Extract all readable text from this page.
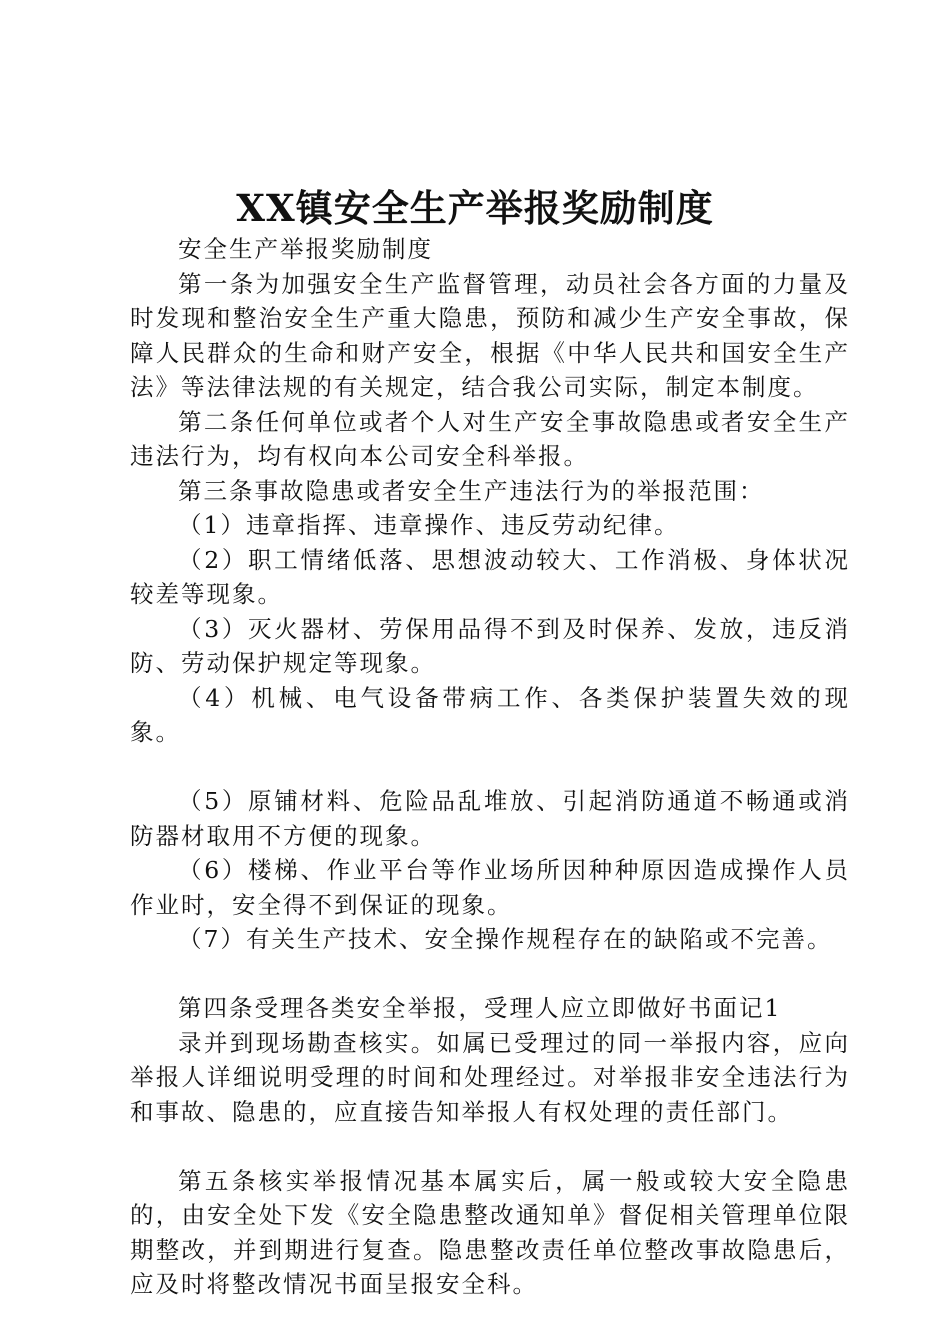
XX镇安全生产举报奖励制度

安全生产举报奖励制度

第一条为加强安全生产监督管理，动员社会各方面的力量及时发现和整治安全生产重大隐患，预防和减少生产安全事故，保障人民群众的生命和财产安全，根据《中华人民共和国安全生产法》等法律法规的有关规定，结合我公司实际，制定本制度。

第二条任何单位或者个人对生产安全事故隐患或者安全生产违法行为，均有权向本公司安全科举报。

第三条事故隐患或者安全生产违法行为的举报范围：

（1）违章指挥、违章操作、违反劳动纪律。

（2）职工情绪低落、思想波动较大、工作消极、身体状况较差等现象。

（3）灭火器材、劳保用品得不到及时保养、发放，违反消防、劳动保护规定等现象。

（4）机械、电气设备带病工作、各类保护装置失效的现象。

（5）原铺材料、危险品乱堆放、引起消防通道不畅通或消防器材取用不方便的现象。

（6）楼梯、作业平台等作业场所因种种原因造成操作人员作业时，安全得不到保证的现象。

（7）有关生产技术、安全操作规程存在的缺陷或不完善。

第四条受理各类安全举报，受理人应立即做好书面记1

录并到现场勘查核实。如属已受理过的同一举报内容，应向举报人详细说明受理的时间和处理经过。对举报非安全违法行为和事故、隐患的，应直接告知举报人有权处理的责任部门。

第五条核实举报情况基本属实后，属一般或较大安全隐患的，由安全处下发《安全隐患整改通知单》督促相关管理单位限期整改，并到期进行复查。隐患整改责任单位整改事故隐患后，应及时将整改情况书面呈报安全科。
